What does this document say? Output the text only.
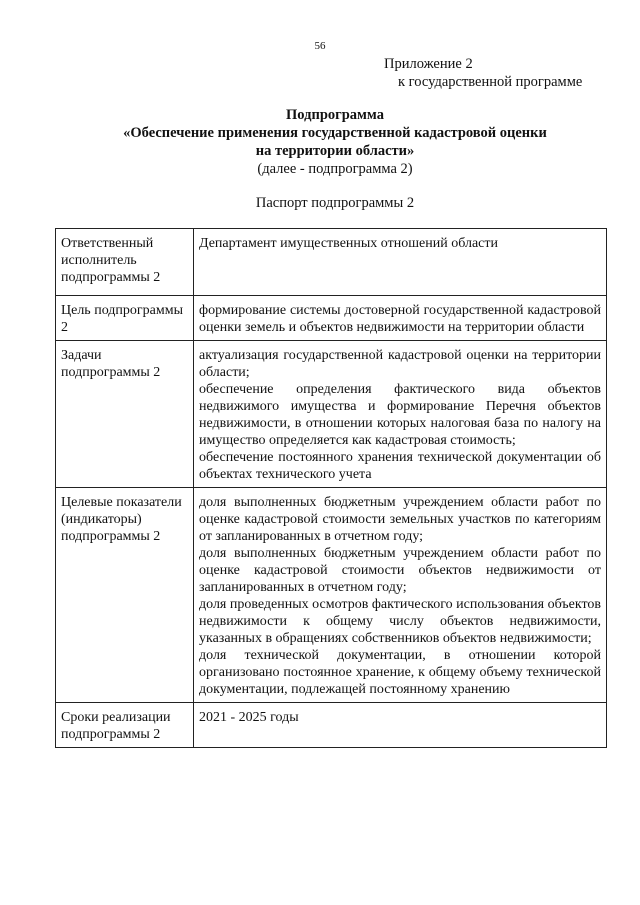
56
Приложение 2
к государственной программе
Подпрограмма
«Обеспечение применения государственной кадастровой оценки
на территории области»
(далее - подпрограмма 2)
Паспорт подпрограммы 2
Ответственный исполнитель подпрограммы 2	Департамент имущественных отношений области

Цель подпрограммы 2	формирование системы достоверной государственной кадастровой оценки земель и объектов недвижимости на территории области

Задачи подпрограммы 2	актуализация государственной кадастровой оценки на территории области;
обеспечение определения фактического вида объектов недвижимого имущества и формирование Перечня объектов недвижимости, в отношении которых налоговая база по налогу на имущество определяется как кадастровая стоимость;
обеспечение постоянного хранения технической документации об объектах технического учета

Целевые показатели (индикаторы) подпрограммы 2	доля выполненных бюджетным учреждением области работ по оценке кадастровой стоимости земельных участков по категориям от запланированных в отчетном году;
доля выполненных бюджетным учреждением области работ по оценке кадастровой стоимости объектов недвижимости от запланированных в отчетном году;
доля проведенных осмотров фактического использования объектов недвижимости к общему числу объектов недвижимости, указанных в обращениях собственников объектов недвижимости;
доля технической документации, в отношении которой организовано постоянное хранение, к общему объему технической документации, подлежащей постоянному хранению

Сроки реализации подпрограммы 2	2021 - 2025 годы
